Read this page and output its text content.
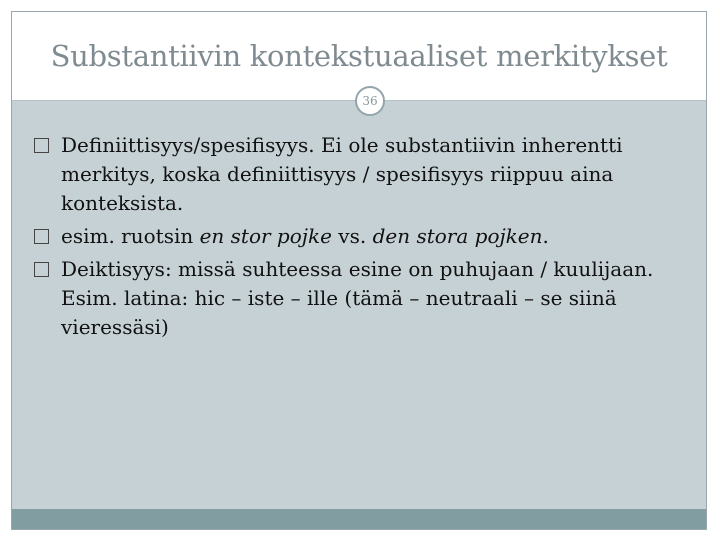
Substantiivin kontekstuaaliset merkitykset
Definiittisyys/spesifisyys. Ei ole substantiivin inherentti merkitys, koska definiittisyys / spesifisyys riippuu aina konteksista.
esim. ruotsin en stor pojke vs. den stora pojken.
Deiktisyys: missä suhteessa esine on puhujaan / kuulijaan. Esim. latina: hic – iste – ille (tämä – neutraali – se siinä vieressäsi)
36
